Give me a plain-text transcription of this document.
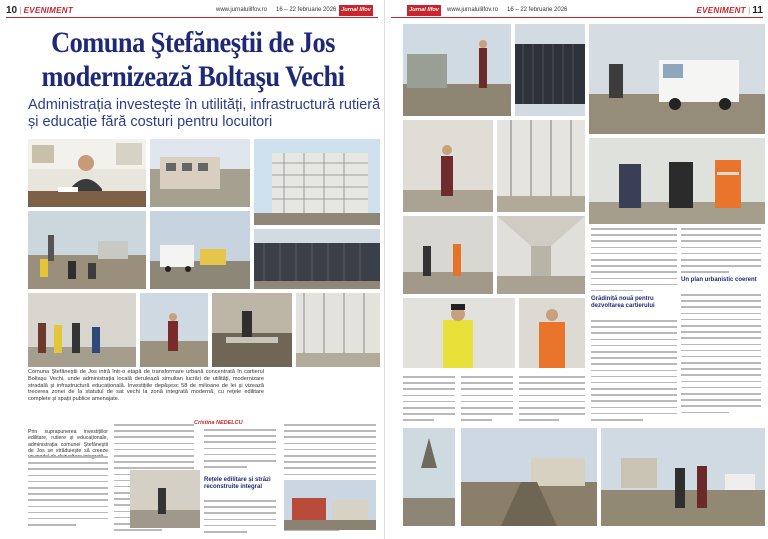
10 | EVENIMENT	www.jurnalulilfov.ro 16 – 22 februarie 2026 Jurnal Ilfov
Comuna Ştefăneştii de Jos
modernizează Boltaşu Vechi
Administrația investește în utilități, infrastructură rutieră și educație fără costuri pentru locuitori
Comuna Ştefăneştii de Jos intră într-o etapă de transformare urbană concentrată în cartierul Boltaşu Vechi, unde administrația locală derulează simultan lucrări de utilități, modernizare stradală și infrastructură educațională. Investițiile depășesc 58 de milioane de lei și vizează trecerea zonei de la statutul de sat vechi la zonă integrată modernă, cu rețele edilitare complete și spații publice amenajate.
Cristina NEDELCU
Prin suprapunerea investițiilor edilitare, rutiere și educaționale, administrația comunei Ştefăneştii de Jos se străduiește să creeze
Rețele edilitare și străzi reconstruite integral
Jurnal Ilfov	www.jurnalulilfov.ro 16 – 22 februarie 2026	EVENIMENT | 11
Grădiniță nouă pentru dezvoltarea cartierului
Un plan urbanistic coerent
